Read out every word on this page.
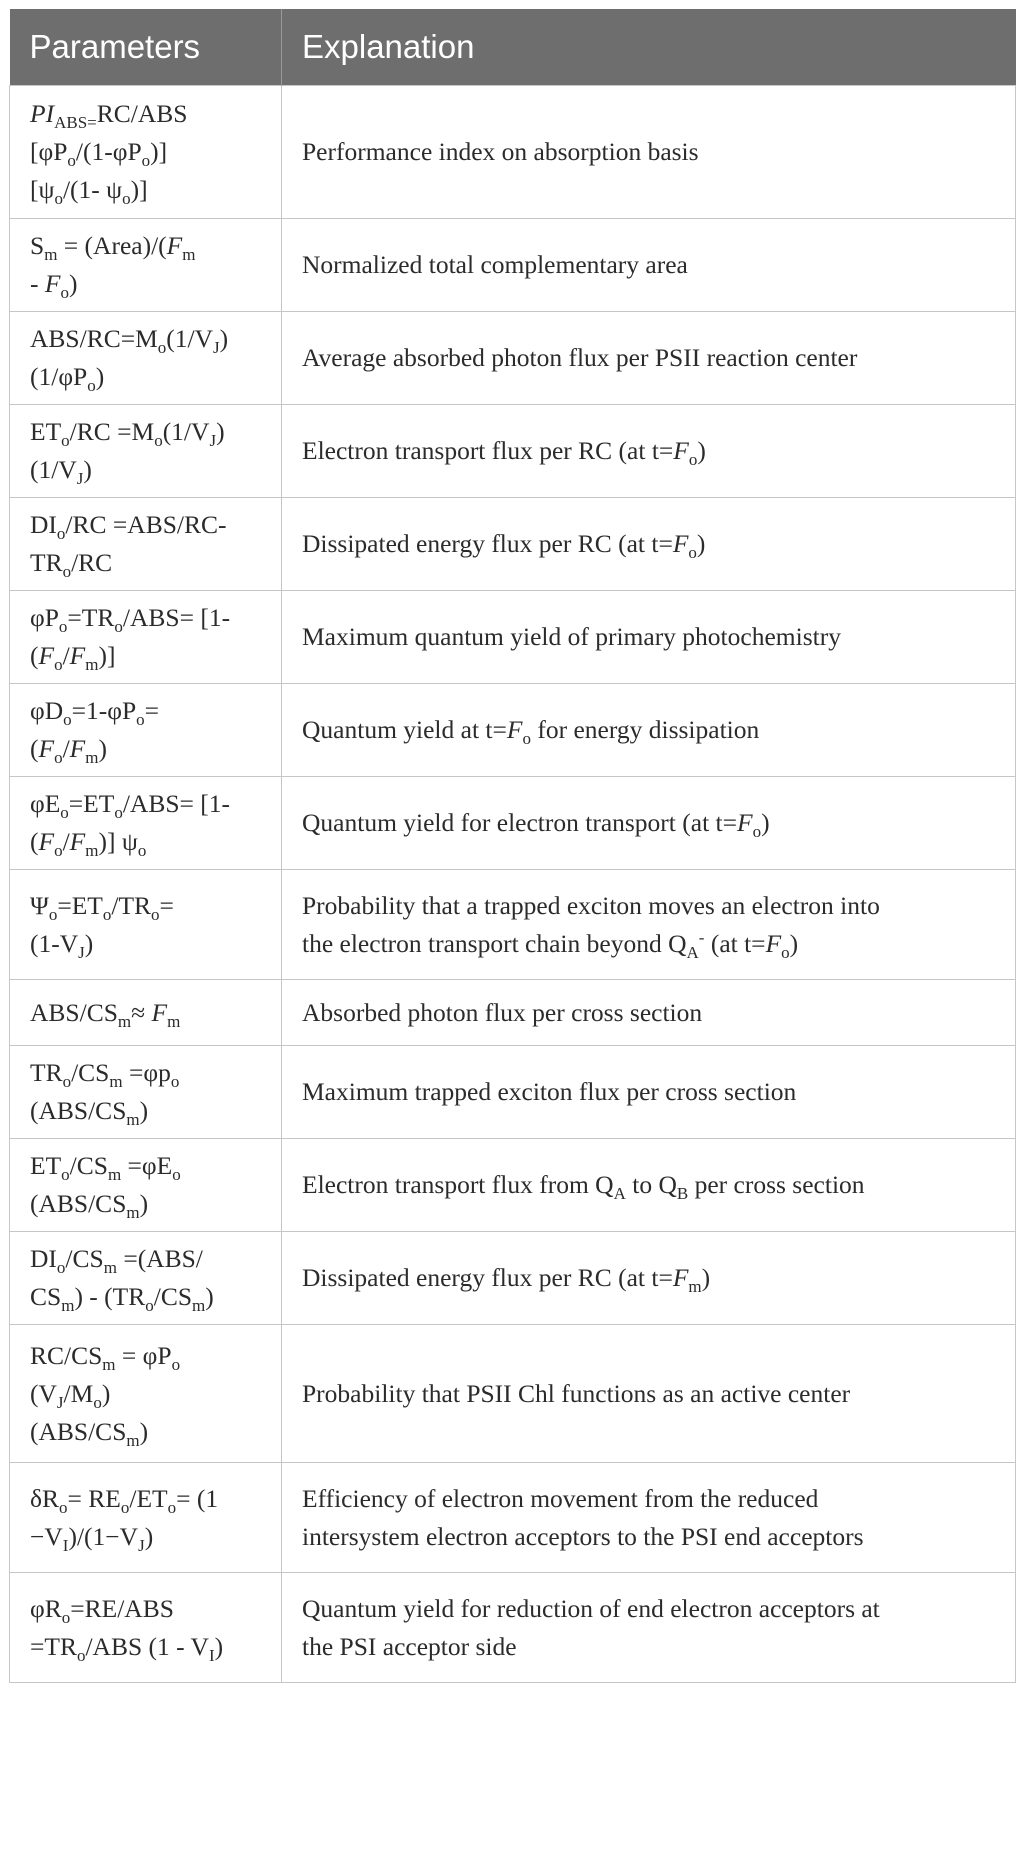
Parameters	Explanation

$PI_{ABS=}RC$/ABS
$[\varphi P_o/(1-\varphi P_o)]$
[$\psi_o/(1-$ $\psi_o$)]	Performance index on absorption basis

$S_m$ = $(Area)/(F_m$
- $F_o$)	Normalized total complementary area

ABS/$RC=M_o(1/V_J)$
$(1/\varphi P_o)$	Average absorbed photon flux per PSII reaction center

$ET_o/RC =M_o(1/V_J)$
$(1/V_J)$	Electron transport flux per RC (at $t=F_o$)

$DI_o/RC =ABS/RC-$
$TR_o/RC$	Dissipated energy flux per RC (at $t=F_o$)

$\varphi P_o=TR_o/ABS= [1-$
$(F_o/F_m)$]	Maximum quantum yield of primary photochemistry

$\varphi D_o=1-\varphi P_o=$
$(F_o/F_m)$	Quantum yield at $t=F_o$ for energy dissipation

$\varphi E_o=ET_o/ABS= [1-$
$(F_o/F_m)$] $\psi_o$	Quantum yield for electron transport (at $t=F_o$)

$\Psi_o=ET_o/TR_o=$
$(1-V_J)$	Probability that a trapped exciton moves an electron into
the electron transport chain beyond $Q_A^-$ (at $t=F_o$)

ABS/$CS_m\approx F_m$	Absorbed photon flux per cross section

$TR_o/CS_m =\varphi p_o$
$(ABS/CS_m)$	Maximum trapped exciton flux per cross section

$ET_o/CS_m =\varphi E_o$
$(ABS/CS_m)$	Electron transport flux from $Q_A$ to $Q_B$ per cross section

$DI_o/CS_m =(ABS/$
$CS_m) - (TR_o/CS_m)$	Dissipated energy flux per RC (at $t=F_m$)

$RC/CS_m = \varphi P_o$
$(V_J/M_o)$
$(ABS/CS_m)$	Probability that PSII Chl functions as an active center

$\delta R_o= RE_o/ET_o= (1$
$-V_I)/(1-V_J)$	Efficiency of electron movement from the reduced
intersystem electron acceptors to the PSI end acceptors

$\varphi R_o=RE$/ABS
$=TR_o$/ABS $(1 - V_I)$	Quantum yield for reduction of end electron acceptors at
the PSI acceptor side
